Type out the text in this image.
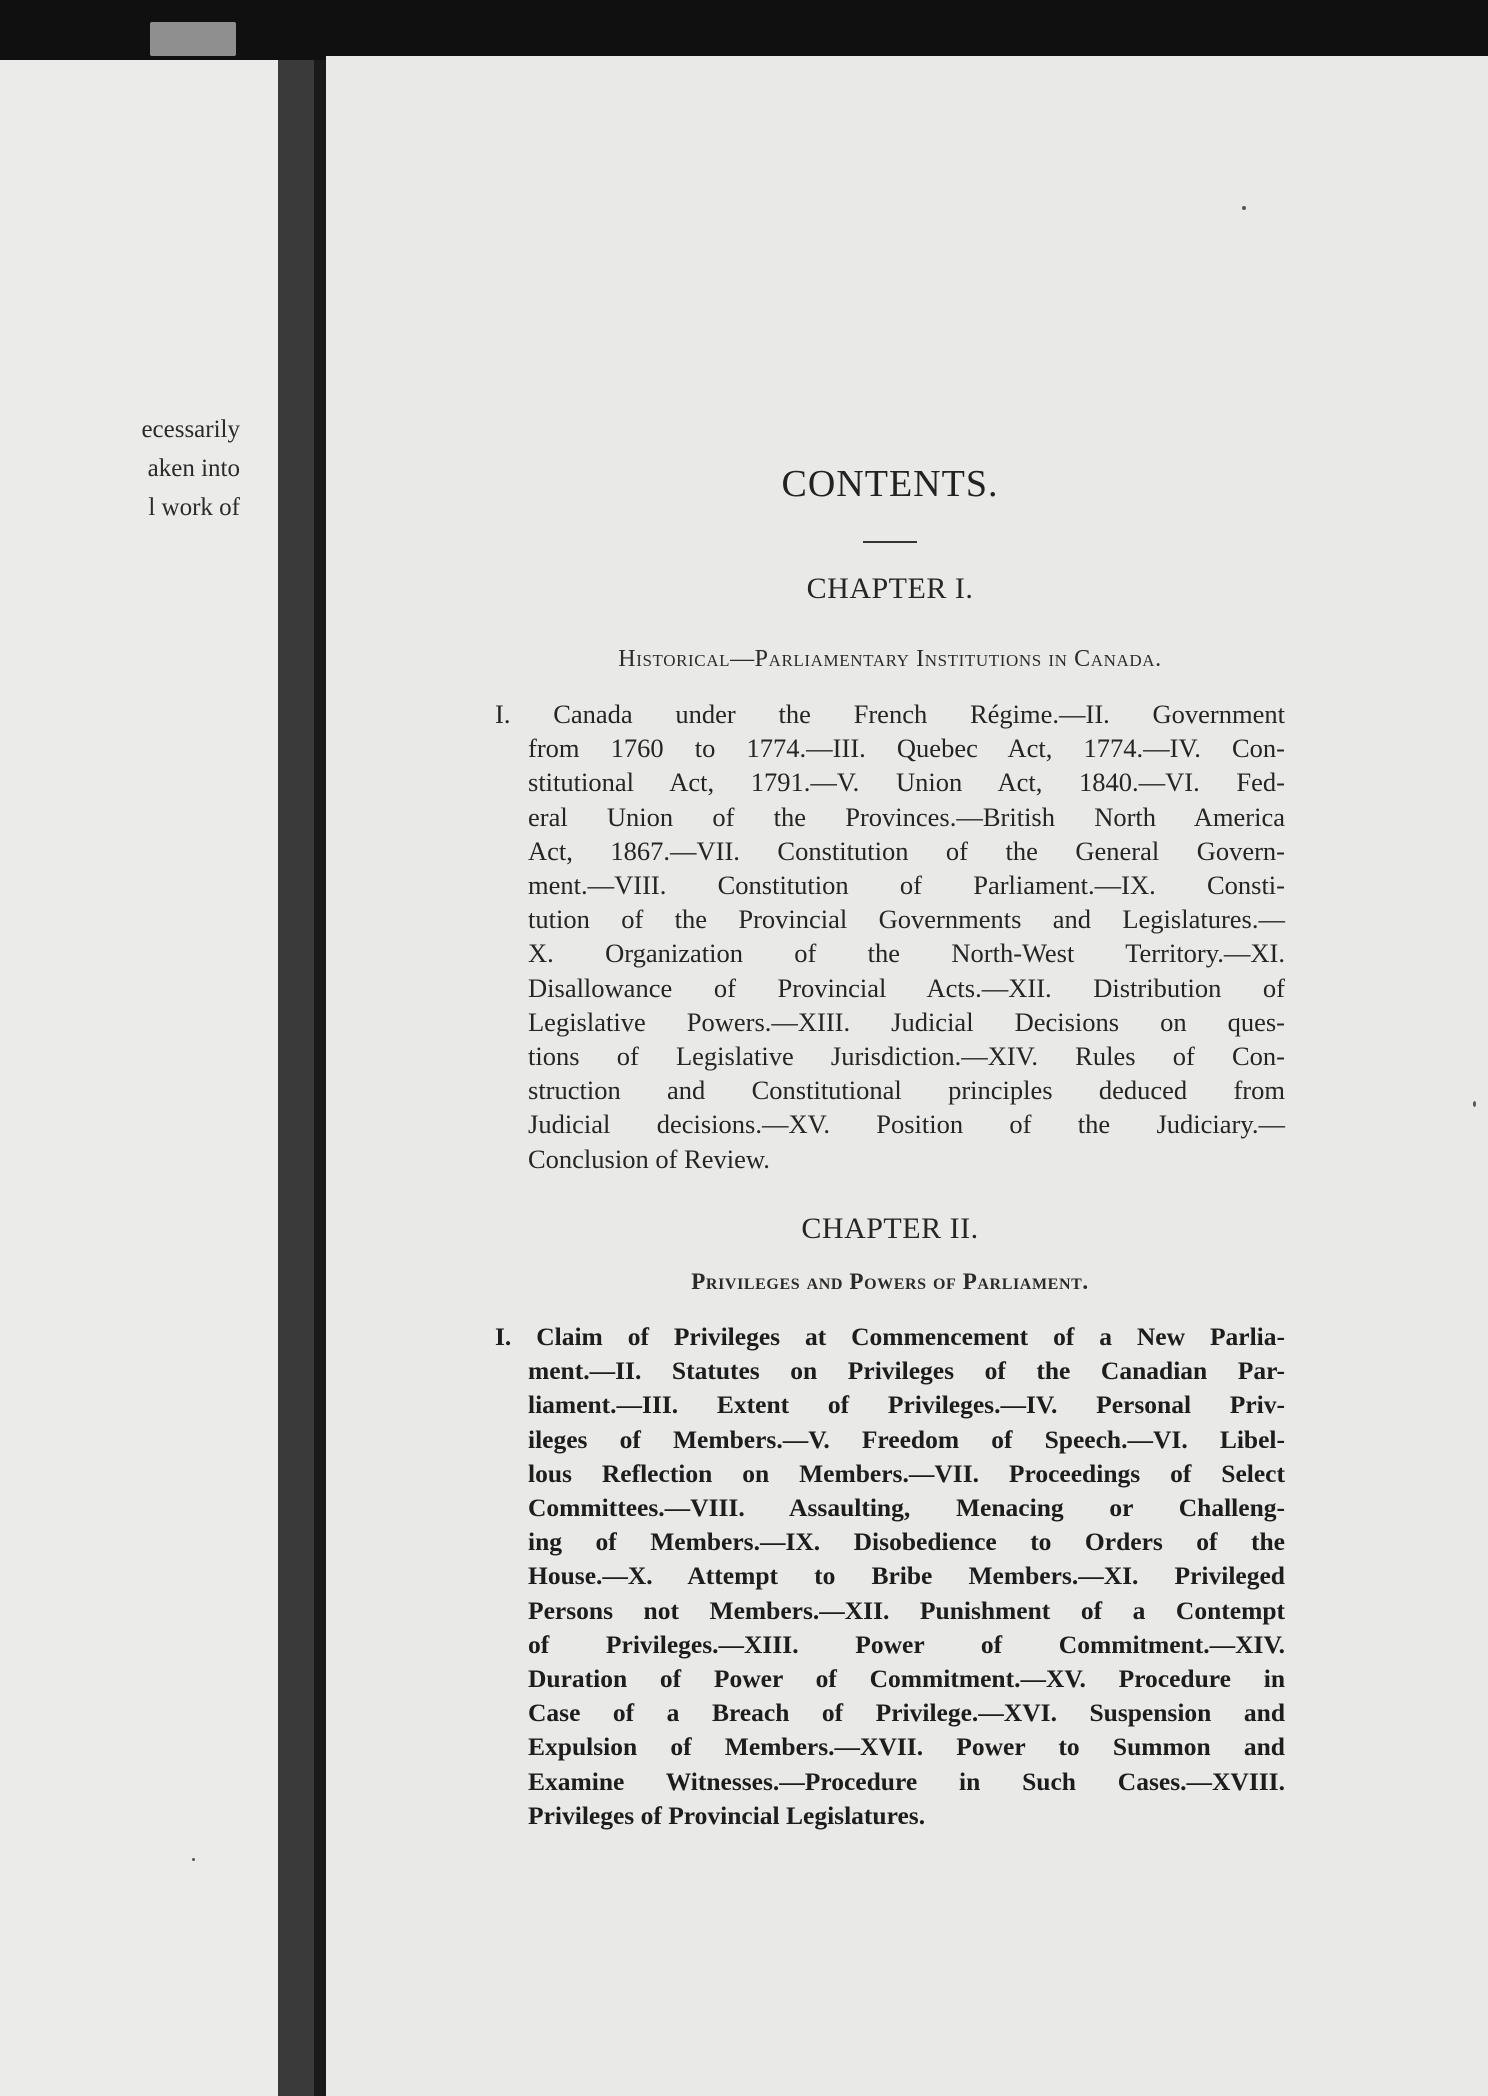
ecessarily
aken into
l work of
CONTENTS.
CHAPTER I.
Historical—Parliamentary Institutions in Canada.
I. Canada under the French Régime.—II. Government
from 1760 to 1774.—III. Quebec Act, 1774.—IV. Con-
stitutional Act, 1791.—V. Union Act, 1840.—VI. Fed-
eral Union of the Provinces.—British North America
Act, 1867.—VII. Constitution of the General Govern-
ment.—VIII. Constitution of Parliament.—IX. Consti-
tution of the Provincial Governments and Legislatures.—
X. Organization of the North-West Territory.—XI.
Disallowance of Provincial Acts.—XII. Distribution of
Legislative Powers.—XIII. Judicial Decisions on ques-
tions of Legislative Jurisdiction.—XIV. Rules of Con-
struction and Constitutional principles deduced from
Judicial decisions.—XV. Position of the Judiciary.—
Conclusion of Review.
CHAPTER II.
Privileges and Powers of Parliament.
I. Claim of Privileges at Commencement of a New Parlia-
ment.—II. Statutes on Privileges of the Canadian Par-
liament.—III. Extent of Privileges.—IV. Personal Priv-
ileges of Members.—V. Freedom of Speech.—VI. Libel-
lous Reflection on Members.—VII. Proceedings of Select
Committees.—VIII. Assaulting, Menacing or Challeng-
ing of Members.—IX. Disobedience to Orders of the
House.—X. Attempt to Bribe Members.—XI. Privileged
Persons not Members.—XII. Punishment of a Contempt
of Privileges.—XIII. Power of Commitment.—XIV.
Duration of Power of Commitment.—XV. Procedure in
Case of a Breach of Privilege.—XVI. Suspension and
Expulsion of Members.—XVII. Power to Summon and
Examine Witnesses.—Procedure in Such Cases.—XVIII.
Privileges of Provincial Legislatures.
